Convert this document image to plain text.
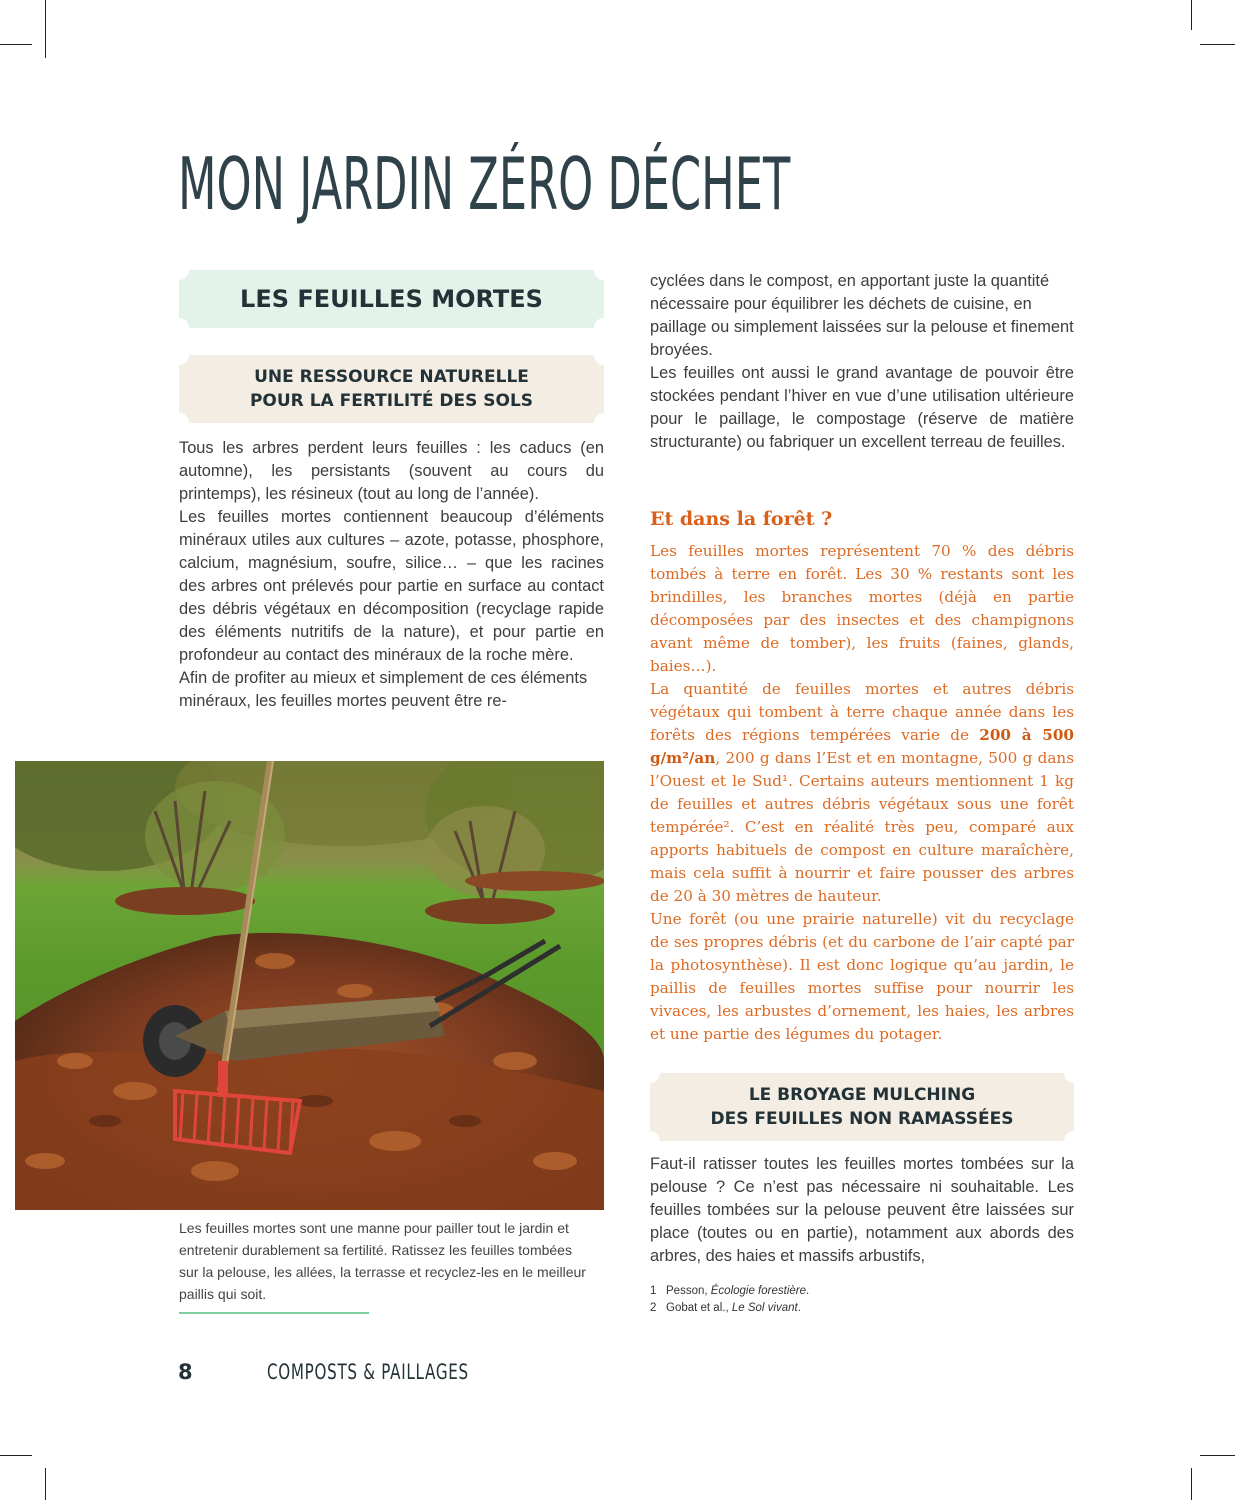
MON JARDIN ZÉRO DÉCHET
LES FEUILLES MORTES
UNE RESSOURCE NATURELLE
POUR LA FERTILITÉ DES SOLS

Tous les arbres perdent leurs feuilles : les caducs (en automne), les persistants (souvent au cours du printemps), les résineux (tout au long de l’année).

Les feuilles mortes contiennent beaucoup d’éléments minéraux utiles aux cultures – azote, potasse, phosphore, calcium, magnésium, soufre, silice… – que les racines des arbres ont prélevés pour partie en surface au contact des débris végétaux en décomposition (recyclage rapide des éléments nutritifs de la nature), et pour partie en profondeur au contact des minéraux de la roche mère.

Afin de profiter au mieux et simplement de ces éléments minéraux, les feuilles mortes peuvent être re-

Les feuilles mortes sont une manne pour pailler tout le jardin et entretenir durablement sa fertilité. Ratissez les feuilles tombées sur la pelouse, les allées, la terrasse et recyclez-les en le meilleur paillis qui soit.
8	COMPOSTS & PAILLAGES

cyclées dans le compost, en apportant juste la quantité nécessaire pour équilibrer les déchets de cuisine, en paillage ou simplement laissées sur la pelouse et finement broyées.

Les feuilles ont aussi le grand avantage de pouvoir être stockées pendant l’hiver en vue d’une utilisation ultérieure pour le paillage, le compostage (réserve de matière structurante) ou fabriquer un excellent terreau de feuilles.

Et dans la forêt ?

Les feuilles mortes représentent 70 % des débris tombés à terre en forêt. Les 30 % restants sont les brindilles, les branches mortes (déjà en partie décomposées par des insectes et des champignons avant même de tomber), les fruits (faines, glands, baies…).

La quantité de feuilles mortes et autres débris végétaux qui tombent à terre chaque année dans les forêts des régions tempérées varie de 200 à 500 g/m²/an, 200 g dans l’Est et en montagne, 500 g dans l’Ouest et le Sud¹. Certains auteurs mentionnent 1 kg de feuilles et autres débris végétaux sous une forêt tempérée². C’est en réalité très peu, comparé aux apports habituels de compost en culture maraîchère, mais cela suffit à nourrir et faire pousser des arbres de 20 à 30 mètres de hauteur.

Une forêt (ou une prairie naturelle) vit du recyclage de ses propres débris (et du carbone de l’air capté par la photosynthèse). Il est donc logique qu’au jardin, le paillis de feuilles mortes suffise pour nourrir les vivaces, les arbustes d’ornement, les haies, les arbres et une partie des légumes du potager.

LE BROYAGE MULCHING
DES FEUILLES NON RAMASSÉES
Faut-il ratisser toutes les feuilles mortes tombées sur la pelouse ? Ce n’est pas nécessaire ni souhaitable. Les feuilles tombées sur la pelouse peuvent être laissées sur place (toutes ou en partie), notamment aux abords des arbres, des haies et massifs arbustifs,
1 Pesson, Écologie forestière.
2 Gobat et al., Le Sol vivant.
